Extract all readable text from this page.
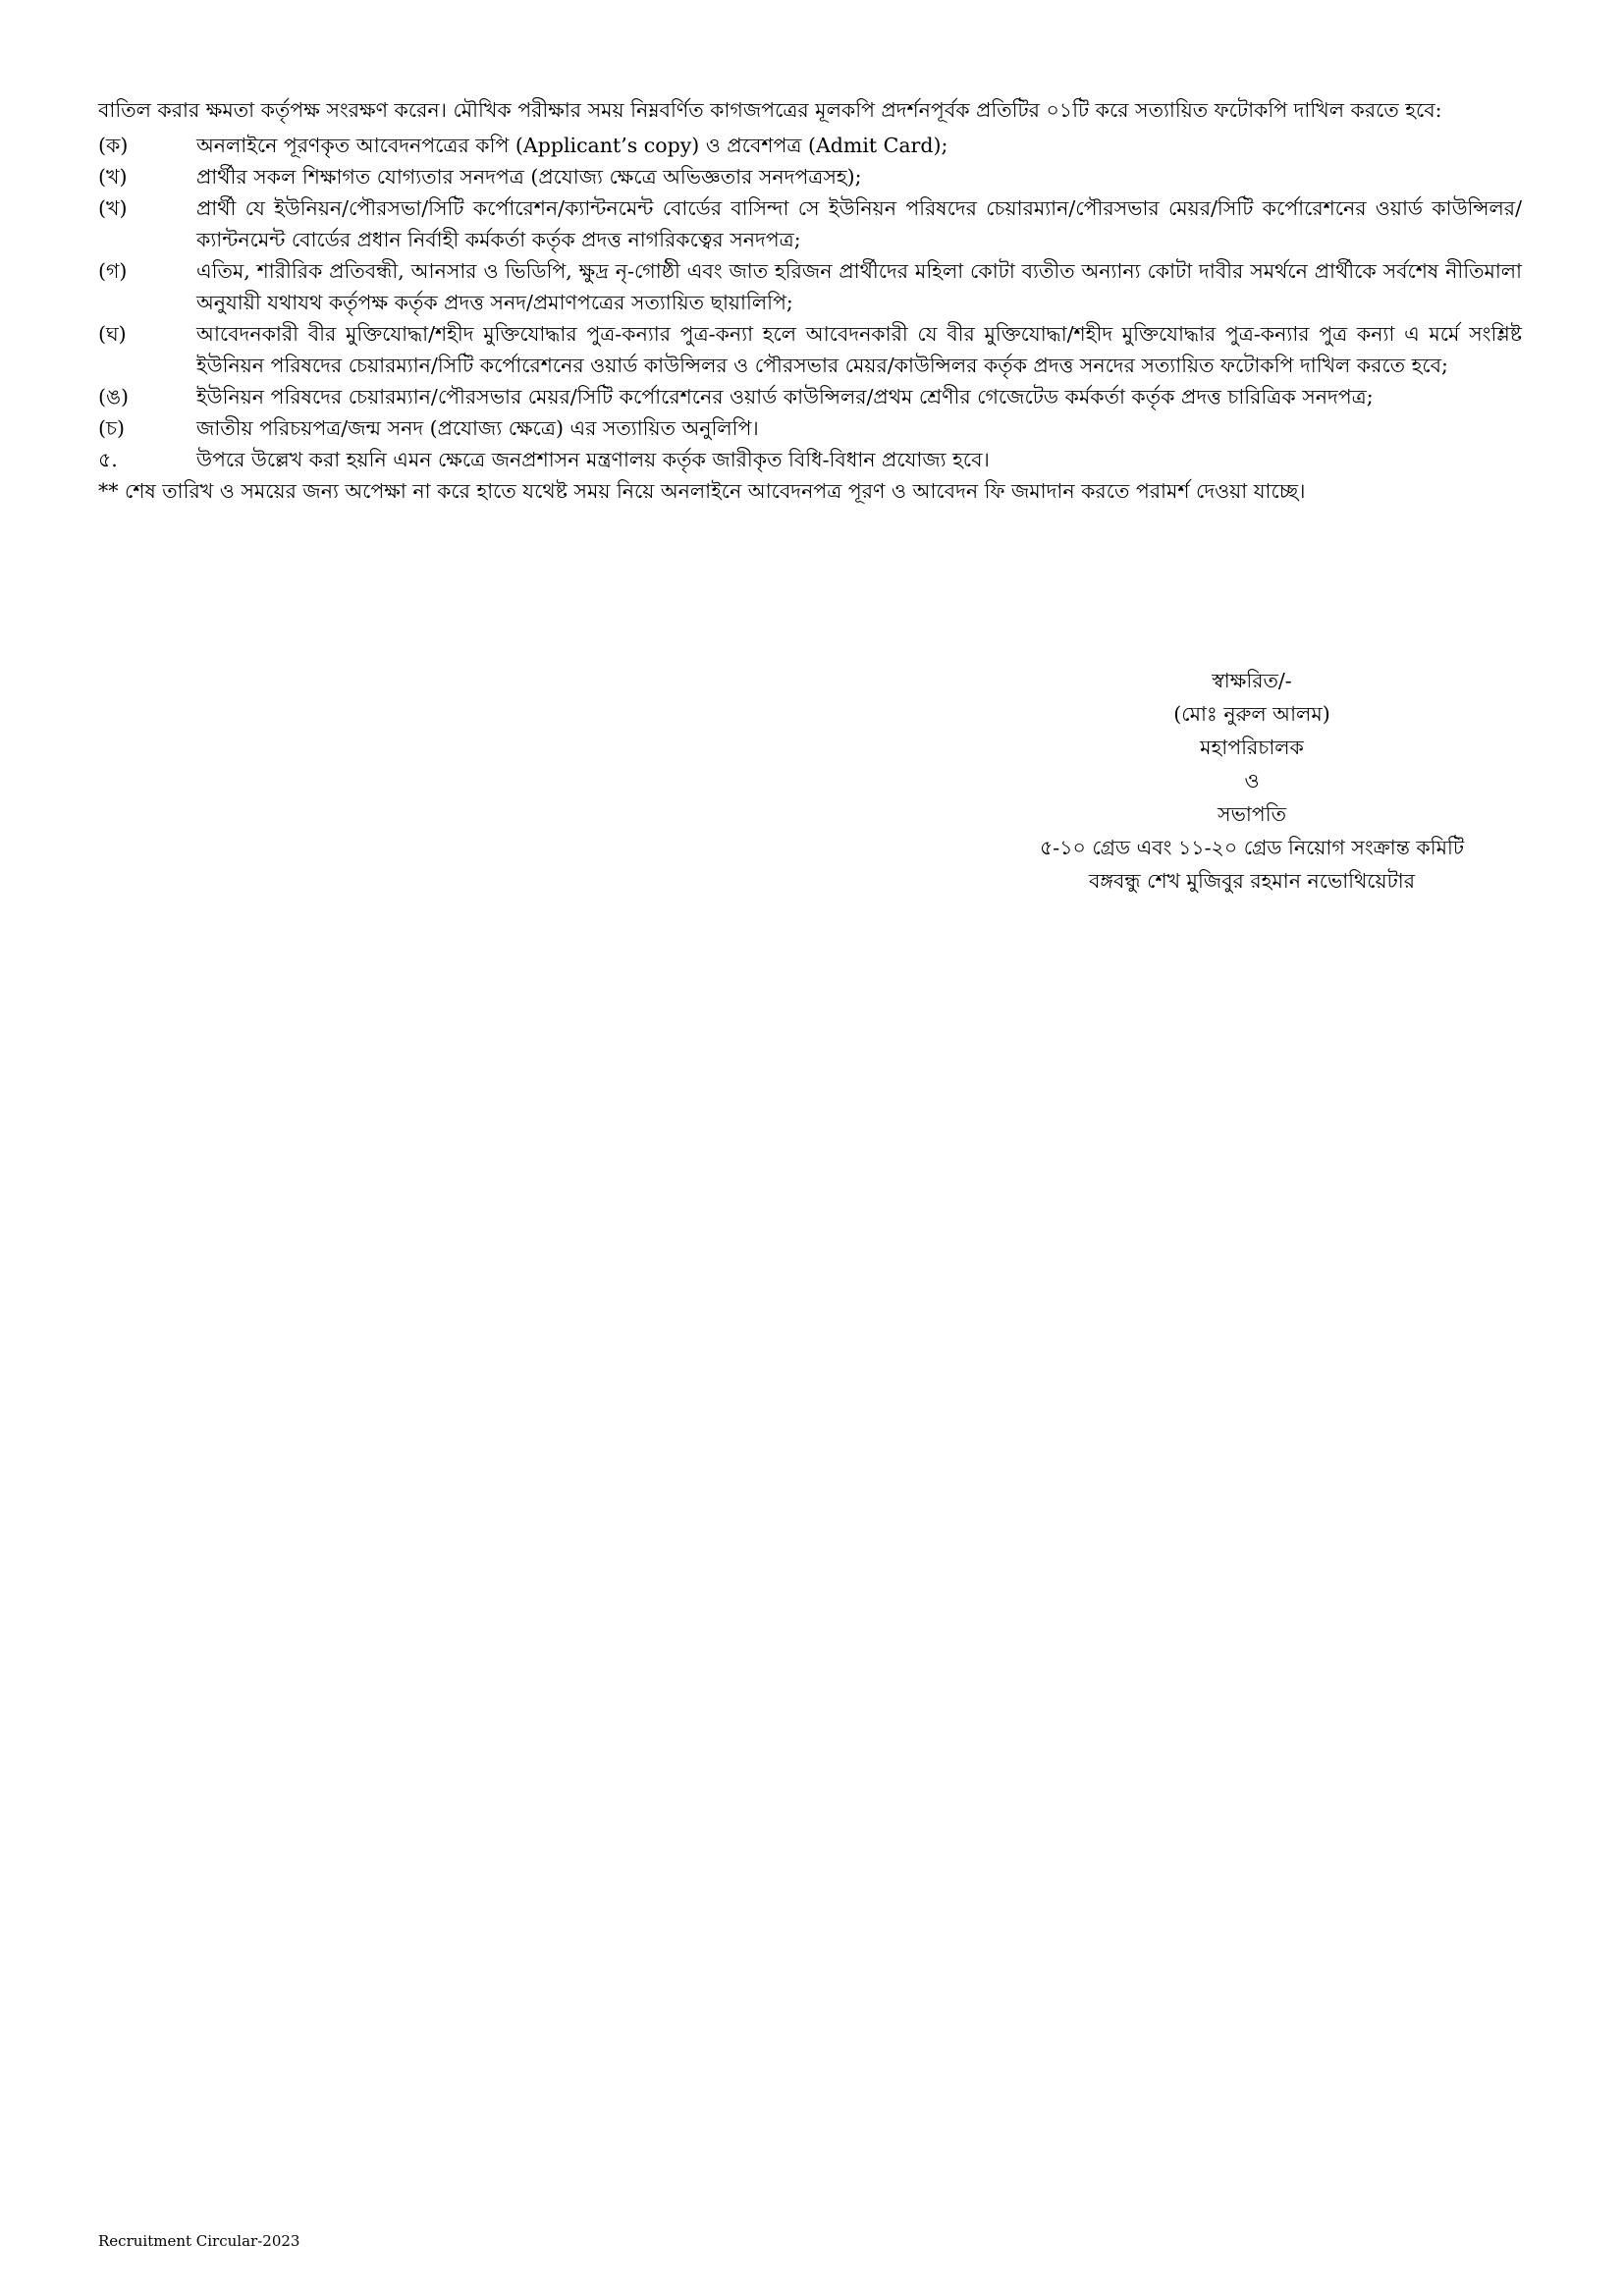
বাতিল করার ক্ষমতা কর্তৃপক্ষ সংরক্ষণ করেন। মৌখিক পরীক্ষার সময় নিম্নবর্ণিত কাগজপত্রের মূলকপি প্রদর্শনপূর্বক প্রতিটির ০১টি করে সত্যায়িত ফটোকপি দাখিল করতে হবে:

(ক)	অনলাইনে পূরণকৃত আবেদনপত্রের কপি (Applicant’s copy) ও প্রবেশপত্র (Admit Card);
(খ)	প্রার্থীর সকল শিক্ষাগত যোগ্যতার সনদপত্র (প্রযোজ্য ক্ষেত্রে অভিজ্ঞতার সনদপত্রসহ);
(খ)	প্রার্থী যে ইউনিয়ন/পৌরসভা/সিটি কর্পোরেশন/ক্যান্টনমেন্ট বোর্ডের বাসিন্দা সে ইউনিয়ন পরিষদের চেয়ারম্যান/পৌরসভার মেয়র/সিটি কর্পোরেশনের ওয়ার্ড কাউন্সিলর/ক্যান্টনমেন্ট বোর্ডের প্রধান নির্বাহী কর্মকর্তা কর্তৃক প্রদত্ত নাগরিকত্বের সনদপত্র;
(গ)	এতিম, শারীরিক প্রতিবন্ধী, আনসার ও ভিডিপি, ক্ষুদ্র নৃ-গোষ্ঠী এবং জাত হরিজন প্রার্থীদের মহিলা কোটা ব্যতীত অন্যান্য কোটা দাবীর সমর্থনে প্রার্থীকে সর্বশেষ নীতিমালা অনুযায়ী যথাযথ কর্তৃপক্ষ কর্তৃক প্রদত্ত সনদ/প্রমাণপত্রের সত্যায়িত ছায়ালিপি;
(ঘ)	আবেদনকারী বীর মুক্তিযোদ্ধা/শহীদ মুক্তিযোদ্ধার পুত্র-কন্যার পুত্র-কন্যা হলে আবেদনকারী যে বীর মুক্তিযোদ্ধা/শহীদ মুক্তিযোদ্ধার পুত্র-কন্যার পুত্র কন্যা এ মর্মে সংশ্লিষ্ট ইউনিয়ন পরিষদের চেয়ারম্যান/সিটি কর্পোরেশনের ওয়ার্ড কাউন্সিলর ও পৌরসভার মেয়র/কাউন্সিলর কর্তৃক প্রদত্ত সনদের সত্যায়িত ফটোকপি দাখিল করতে হবে;
(ঙ)	ইউনিয়ন পরিষদের চেয়ারম্যান/পৌরসভার মেয়র/সিটি কর্পোরেশনের ওয়ার্ড কাউন্সিলর/প্রথম শ্রেণীর গেজেটেড কর্মকর্তা কর্তৃক প্রদত্ত চারিত্রিক সনদপত্র;
(চ)	জাতীয় পরিচয়পত্র/জন্ম সনদ (প্রযোজ্য ক্ষেত্রে) এর সত্যায়িত অনুলিপি।
৫.	উপরে উল্লেখ করা হয়নি এমন ক্ষেত্রে জনপ্রশাসন মন্ত্রণালয় কর্তৃক জারীকৃত বিধি-বিধান প্রযোজ্য হবে।

** শেষ তারিখ ও সময়ের জন্য অপেক্ষা না করে হাতে যথেষ্ট সময় নিয়ে অনলাইনে আবেদনপত্র পূরণ ও আবেদন ফি জমাদান করতে পরামর্শ দেওয়া যাচ্ছে।

স্বাক্ষরিত/-
(মোঃ নুরুল আলম)
মহাপরিচালক
ও
সভাপতি
৫-১০ গ্রেড এবং ১১-২০ গ্রেড নিয়োগ সংক্রান্ত কমিটি
বঙ্গবন্ধু শেখ মুজিবুর রহমান নভোথিয়েটার
Recruitment Circular-2023
